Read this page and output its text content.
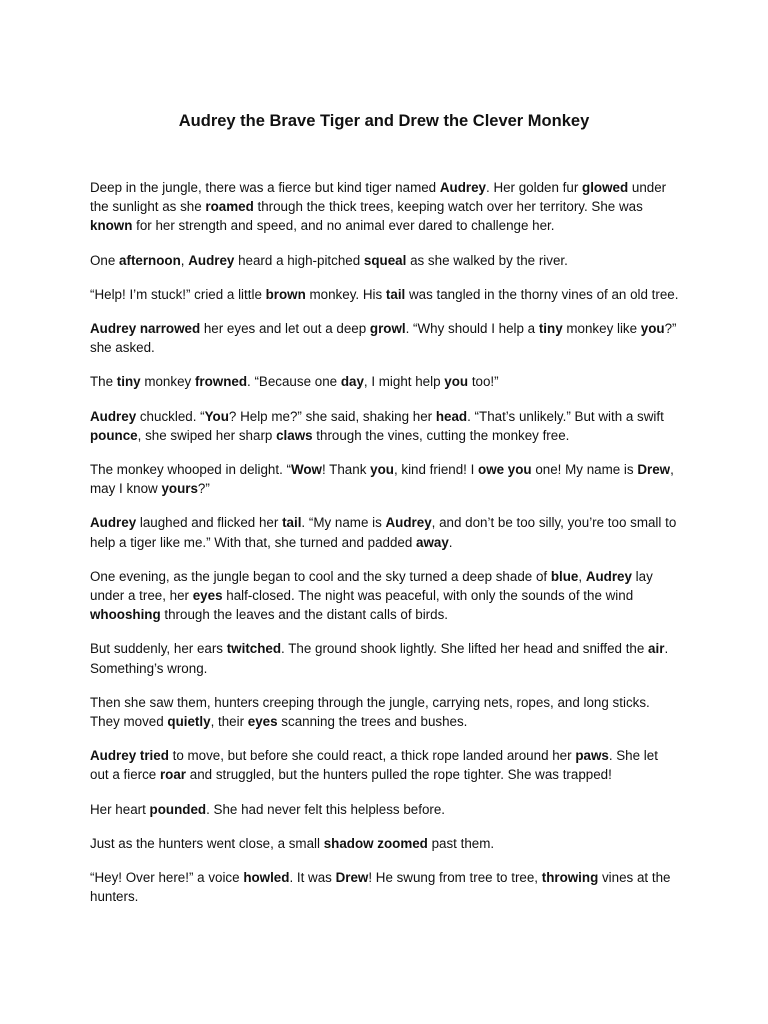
Audrey the Brave Tiger and Drew the Clever Monkey

Deep in the jungle, there was a fierce but kind tiger named Audrey. Her golden fur glowed under the sunlight as she roamed through the thick trees, keeping watch over her territory. She was known for her strength and speed, and no animal ever dared to challenge her.

One afternoon, Audrey heard a high-pitched squeal as she walked by the river.

“Help! I’m stuck!” cried a little brown monkey. His tail was tangled in the thorny vines of an old tree.

Audrey narrowed her eyes and let out a deep growl. “Why should I help a tiny monkey like you?” she asked.

The tiny monkey frowned. “Because one day, I might help you too!”

Audrey chuckled. “You? Help me?” she said, shaking her head. “That’s unlikely.” But with a swift pounce, she swiped her sharp claws through the vines, cutting the monkey free.

The monkey whooped in delight. “Wow! Thank you, kind friend! I owe you one! My name is Drew, may I know yours?”

Audrey laughed and flicked her tail. “My name is Audrey, and don’t be too silly, you’re too small to help a tiger like me.” With that, she turned and padded away.

One evening, as the jungle began to cool and the sky turned a deep shade of blue, Audrey lay under a tree, her eyes half-closed. The night was peaceful, with only the sounds of the wind whooshing through the leaves and the distant calls of birds.

But suddenly, her ears twitched. The ground shook lightly. She lifted her head and sniffed the air. Something’s wrong.

Then she saw them, hunters creeping through the jungle, carrying nets, ropes, and long sticks. They moved quietly, their eyes scanning the trees and bushes.

Audrey tried to move, but before she could react, a thick rope landed around her paws. She let out a fierce roar and struggled, but the hunters pulled the rope tighter. She was trapped!

Her heart pounded. She had never felt this helpless before.

Just as the hunters went close, a small shadow zoomed past them.

“Hey! Over here!” a voice howled. It was Drew! He swung from tree to tree, throwing vines at the hunters.
